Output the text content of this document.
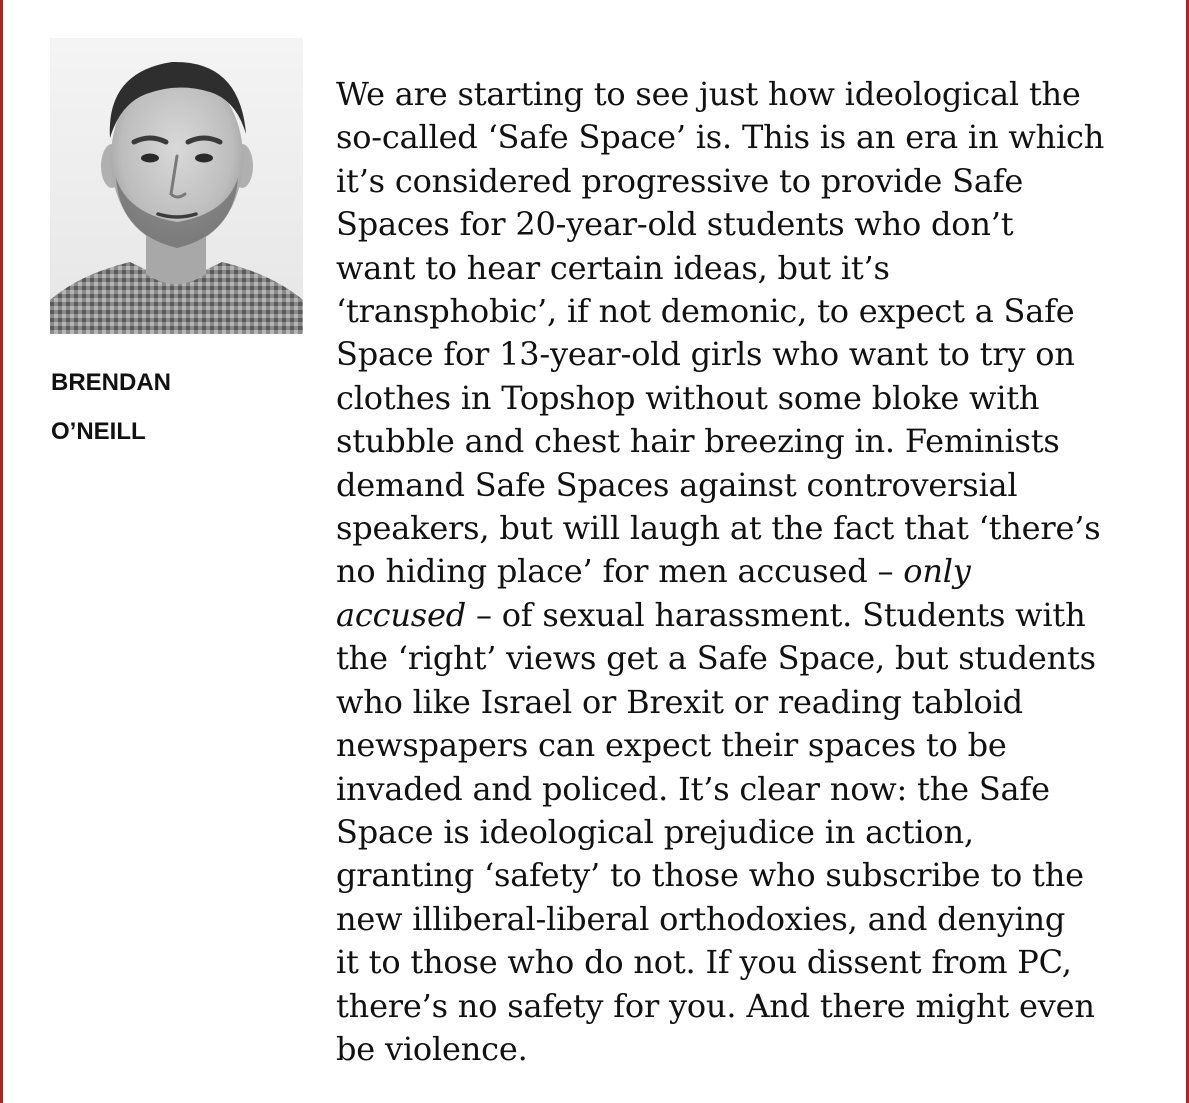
BRENDAN
O’NEILL
We are starting to see just how ideological the
so-called ‘Safe Space’ is. This is an era in which
it’s considered progressive to provide Safe
Spaces for 20-year-old students who don’t
want to hear certain ideas, but it’s
‘transphobic’, if not demonic, to expect a Safe
Space for 13-year-old girls who want to try on
clothes in Topshop without some bloke with
stubble and chest hair breezing in. Feminists
demand Safe Spaces against controversial
speakers, but will laugh at the fact that ‘there’s
no hiding place’ for men accused – only
accused – of sexual harassment. Students with
the ‘right’ views get a Safe Space, but students
who like Israel or Brexit or reading tabloid
newspapers can expect their spaces to be
invaded and policed. It’s clear now: the Safe
Space is ideological prejudice in action,
granting ‘safety’ to those who subscribe to the
new illiberal-liberal orthodoxies, and denying
it to those who do not. If you dissent from PC,
there’s no safety for you. And there might even
be violence.
